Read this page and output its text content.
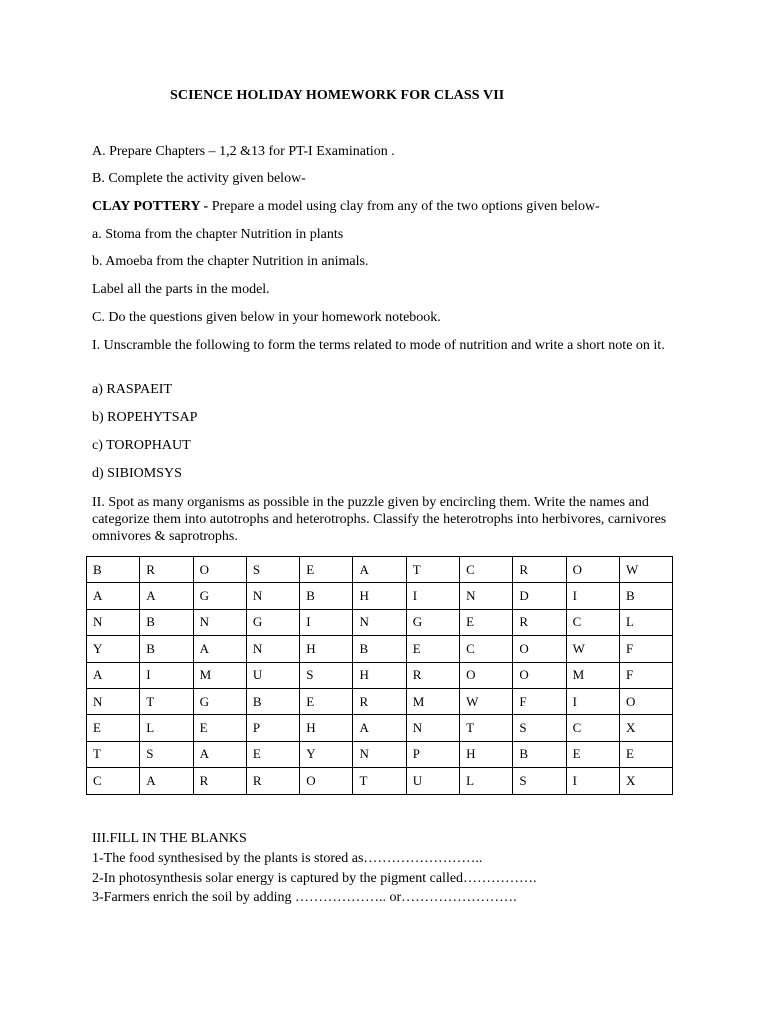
SCIENCE HOLIDAY HOMEWORK FOR CLASS VII
A. Prepare Chapters – 1,2 &13 for PT-I Examination .
B. Complete the activity given below-
CLAY POTTERY - Prepare a model using clay from any of the two options given below-
a. Stoma from the chapter Nutrition in plants
b. Amoeba from the chapter Nutrition in animals.
Label all the parts in the model.
C. Do the questions given below in your homework notebook.
I. Unscramble the following to form the terms related to mode of nutrition and write a short note on it.
a) RASPAEIT
b) ROPEHYTSAP
c) TOROPHAUT
d) SIBIOMSYS
II. Spot as many organisms as possible in the puzzle given by encircling them. Write the names and categorize them into autotrophs and heterotrophs. Classify the heterotrophs into herbivores, carnivores omnivores & saprotrophs.
B	R	O	S	E	A	T	C	R	O	W
A	A	G	N	B	H	I	N	D	I	B
N	B	N	G	I	N	G	E	R	C	L
Y	B	A	N	H	B	E	C	O	W	F
A	I	M	U	S	H	R	O	O	M	F
N	T	G	B	E	R	M	W	F	I	O
E	L	E	P	H	A	N	T	S	C	X
T	S	A	E	Y	N	P	H	B	E	E
C	A	R	R	O	T	U	L	S	I	X
III.FILL IN THE BLANKS
1-The food synthesised by the plants is stored as……………………..
2-In photosynthesis solar energy is captured by the pigment called…………….
3-Farmers enrich the soil by adding ……………….. or…………………….
